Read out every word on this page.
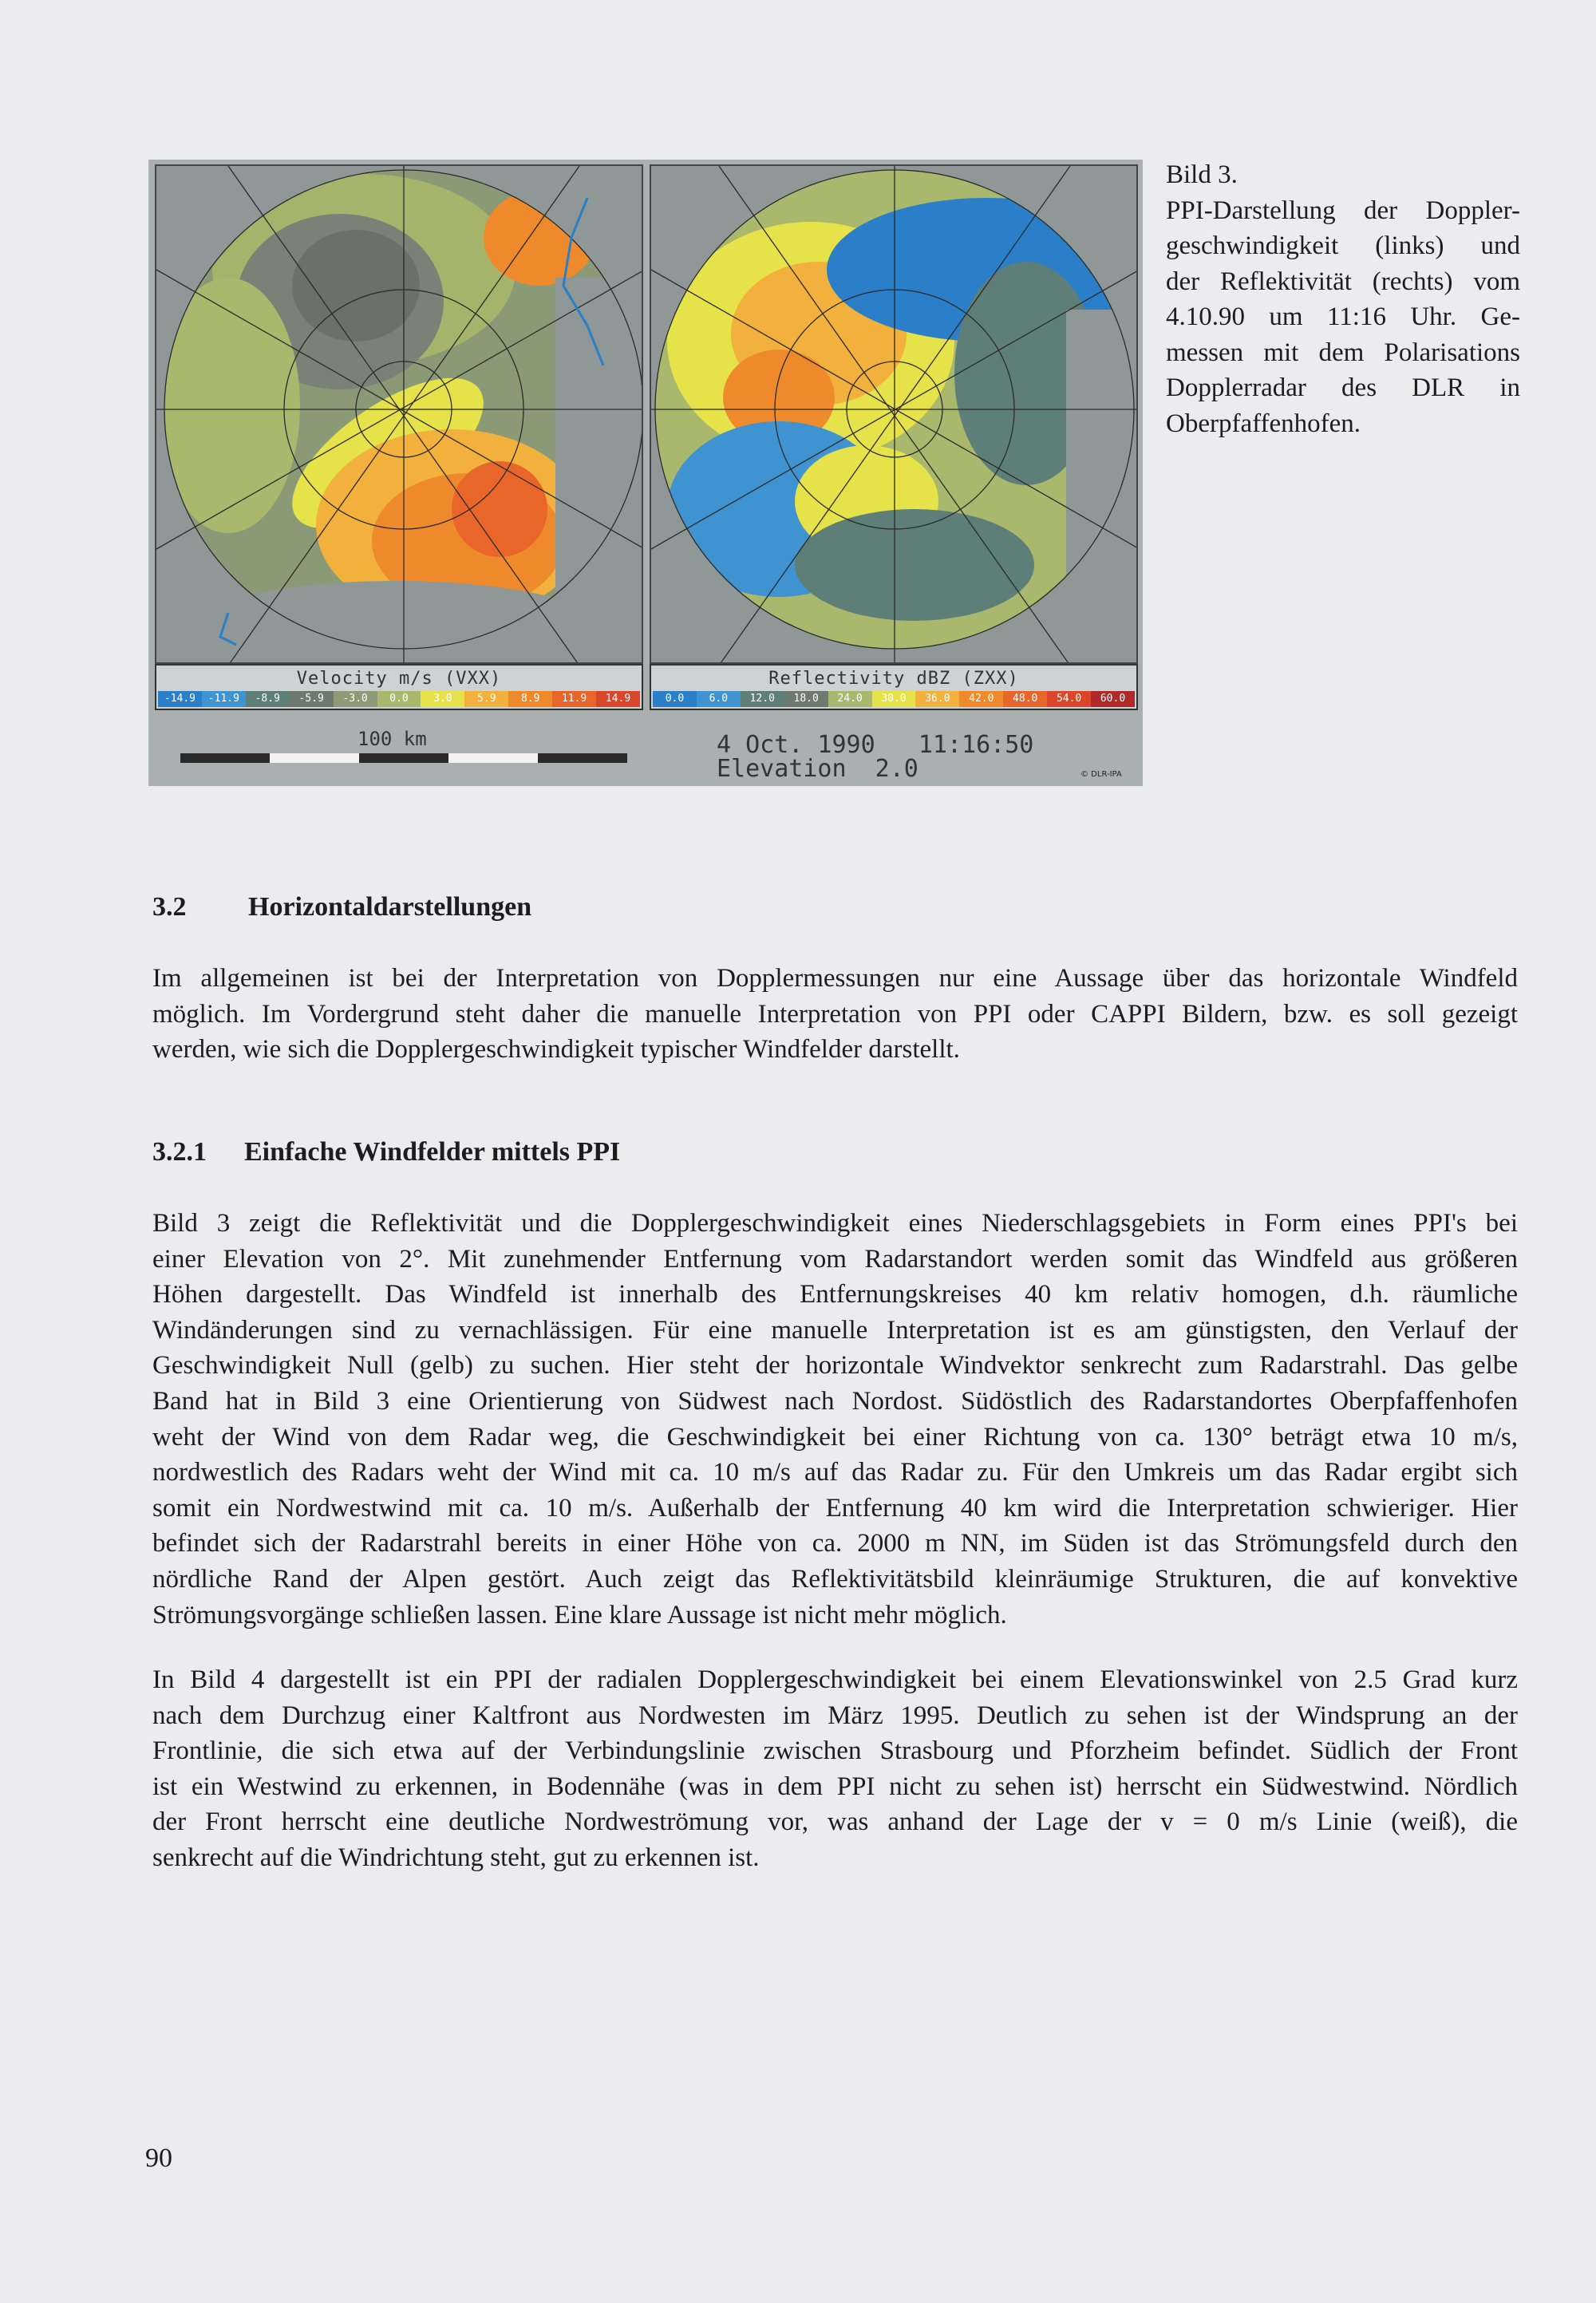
Velocity m/s (VXX)
-14.9	-11.9	-8.9	-5.9	-3.0	0.0	3.0	5.9	8.9	11.9	14.9
Reflectivity dBZ (ZXX)
0.0	6.0	12.0	18.0	24.0	30.0	36.0	42.0	48.0	54.0	60.0
100 km	4 Oct. 1990   11:16:50
Elevation  2.0	© DLR-IPA
Bild 3.
PPI-Darstellung der Doppler-
geschwindigkeit (links) und
der Reflektivität (rechts) vom
4.10.90 um 11:16 Uhr. Ge-
messen mit dem Polarisations
Dopplerradar des DLR in
Oberpfaffenhofen.
3.2 Horizontaldarstellungen
Im allgemeinen ist bei der Interpretation von Dopplermessungen nur eine Aussage über das horizontale Windfeld
möglich. Im Vordergrund steht daher die manuelle Interpretation von PPI oder CAPPI Bildern, bzw. es soll gezeigt
werden, wie sich die Dopplergeschwindigkeit typischer Windfelder darstellt.
3.2.1 Einfache Windfelder mittels PPI
Bild 3 zeigt die Reflektivität und die Dopplergeschwindigkeit eines Niederschlagsgebiets in Form eines PPI's bei
einer Elevation von 2°. Mit zunehmender Entfernung vom Radarstandort werden somit das Windfeld aus größeren
Höhen dargestellt. Das Windfeld ist innerhalb des Entfernungskreises 40 km relativ homogen, d.h. räumliche
Windänderungen sind zu vernachlässigen. Für eine manuelle Interpretation ist es am günstigsten, den Verlauf der
Geschwindigkeit Null (gelb) zu suchen. Hier steht der horizontale Windvektor senkrecht zum Radarstrahl. Das gelbe
Band hat in Bild 3 eine Orientierung von Südwest nach Nordost. Südöstlich des Radarstandortes Oberpfaffenhofen
weht der Wind von dem Radar weg, die Geschwindigkeit bei einer Richtung von ca. 130° beträgt etwa 10 m/s,
nordwestlich des Radars weht der Wind mit ca. 10 m/s auf das Radar zu. Für den Umkreis um das Radar ergibt sich
somit ein Nordwestwind mit ca. 10 m/s. Außerhalb der Entfernung 40 km wird die Interpretation schwieriger. Hier
befindet sich der Radarstrahl bereits in einer Höhe von ca. 2000 m NN, im Süden ist das Strömungsfeld durch den
nördliche Rand der Alpen gestört. Auch zeigt das Reflektivitätsbild kleinräumige Strukturen, die auf konvektive
Strömungsvorgänge schließen lassen. Eine klare Aussage ist nicht mehr möglich.
In Bild 4 dargestellt ist ein PPI der radialen Dopplergeschwindigkeit bei einem Elevationswinkel von 2.5 Grad kurz
nach dem Durchzug einer Kaltfront aus Nordwesten im März 1995. Deutlich zu sehen ist der Windsprung an der
Frontlinie, die sich etwa auf der Verbindungslinie zwischen Strasbourg und Pforzheim befindet. Südlich der Front
ist ein Westwind zu erkennen, in Bodennähe (was in dem PPI nicht zu sehen ist) herrscht ein Südwestwind. Nördlich
der Front herrscht eine deutliche Nordweströmung vor, was anhand der Lage der v = 0 m/s Linie (weiß), die
senkrecht auf die Windrichtung steht, gut zu erkennen ist.
90
